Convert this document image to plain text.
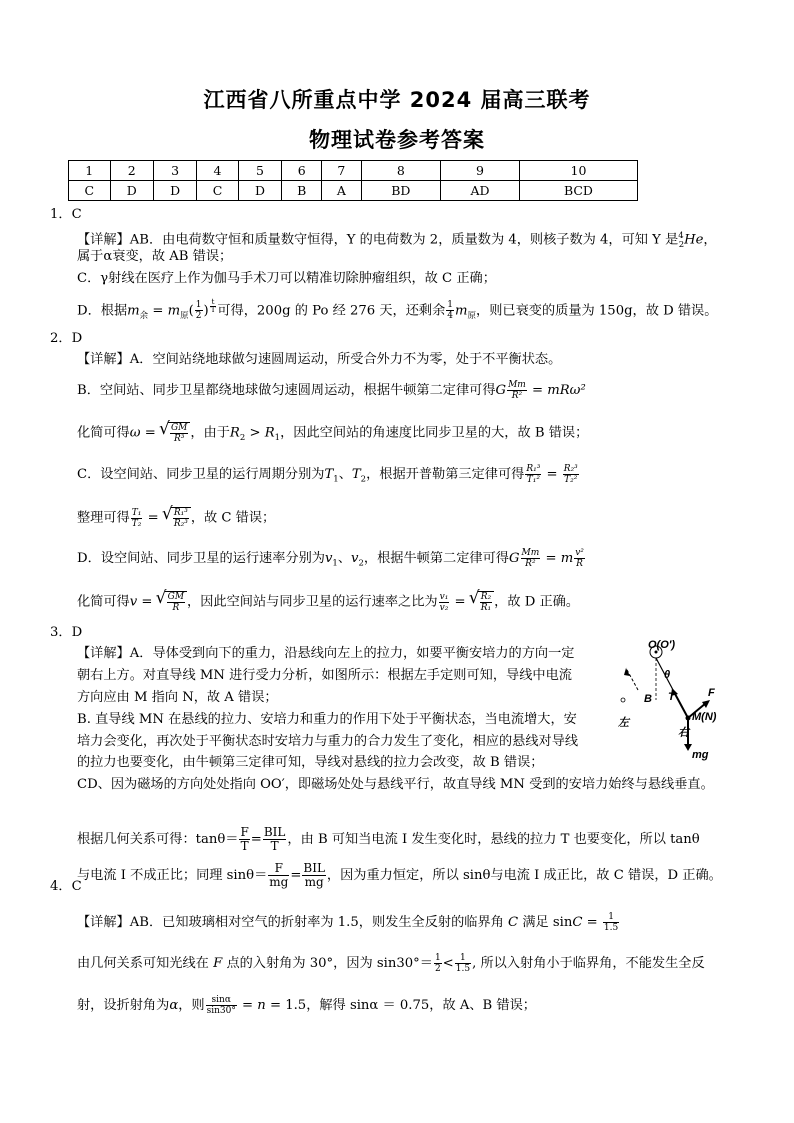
江西省八所重点中学 2024 届高三联考
物理试卷参考答案
1	2	3	4	5	6	7	8	9	10
C	D	D	C	D	B	A	BD	AD	BCD
1．C
【详解】AB．由电荷数守恒和质量数守恒得，Y 的电荷数为 2，质量数为 4，则核子数为 4，可知 Y 是$^4_2$He，
属于α衰变，故 AB 错误；
C．γ射线在医疗上作为伽马手术刀可以精准切除肿瘤组织，故 C 正确；
D．根据$m_余 = m_原( \frac{1}{2}$ ) $^{\frac{t}{T}}$ 可得，200g 的 Po 经 276 天，还剩余 $\frac{1}{4} m_原$，则已衰变的质量为 150g，故 D 错误。
2．D
【详解】A．空间站绕地球做匀速圆周运动，所受合外力不为零，处于不平衡状态。
B．空间站、同步卫星都绕地球做匀速圆周运动，根据牛顿第二定律可得G $\frac{Mm}{\text{R²}} = mR\omega^2$
化简可得ω = √ $\frac{GM}{\text{R³}}$ ，由于$R_2 > R_1$，因此空间站的角速度比同步卫星的大，故 B 错误；
C．设空间站、同步卫星的运行周期分别为$T_1$、$T_2$，根据开普勒第三定律可得 $\frac{\text{R₁³}}{\text{T₁²}} = \frac{\text{R₂³}}{\text{T₂²}}$
整理可得 $\frac{\text{T₁}}{\text{T₂}}$ = √ $\frac{\text{R₁³}}{\text{R₂³}}$ ，故 C 错误；
D．设空间站、同步卫星的运行速率分别为$v_1$、$v_2$，根据牛顿第二定律可得G $\frac{Mm}{\text{R²}} = m \frac{\text{v²}}{R}$
化简可得v = √ $\frac{GM}{R}$ ，因此空间站与同步卫星的运行速率之比为 $\frac{\text{v₁}}{\text{v₂}}$ = √ $\frac{\text{R₂}}{\text{R₁}}$ ，故 D 正确。
3．D
【详解】A．导体受到向下的重力，沿悬线向左上的拉力，如要平衡安培力的方向一定
朝右上方。对直导线 MN 进行受力分析，如图所示：根据左手定则可知，导线中电流
方向应由 M 指向 N，故 A 错误；
B. 直导线 MN 在悬线的拉力、安培力和重力的作用下处于平衡状态，当电流增大，安
培力会变化，再次处于平衡状态时安培力与重力的合力发生了变化，相应的悬线对导线
的拉力也要变化，由牛顿第三定律可知，导线对悬线的拉力会改变，故 B 错误；
CD、因为磁场的方向处处指向 OO′，即磁场处处与悬线平行，故直导线 MN 受到的安培力始终与悬线垂直。
根据几何关系可得：$\tan\theta= \frac{F}{T} = \frac{\text{BIL}}{T}$ ，由 B 可知当电流 I 发生变化时，悬线的拉力 T 也要变化，所以 tanθ
与电流 I 不成正比；同理 $\sin\theta= \frac{F}{mg} = \frac{\text{BIL}}{mg}$ ，因为重力恒定，所以 sinθ与电流 I 成正比，故 C 错误，D 正确。
O(O′)
B
θ
T	F
M(N)
左
右
mg
4．C
【详解】AB．已知玻璃相对空气的折射率为 1.5，则发生全反射的临界角 C 满足 $\sin C = \frac{1}{1.5}$
由几何关系可知光线在 F 点的入射角为 30°，因为 $\sin 30^\circ= \frac{1}{2} < \frac{1}{1.5}$ , 所以入射角小于临界角，不能发生全反
射，设折射角为α，则 $\frac{\sin\alpha}{\sin 30^\circ} = n = 1.5$，解得 sinα ＝ 0.75，故 A、B 错误；
